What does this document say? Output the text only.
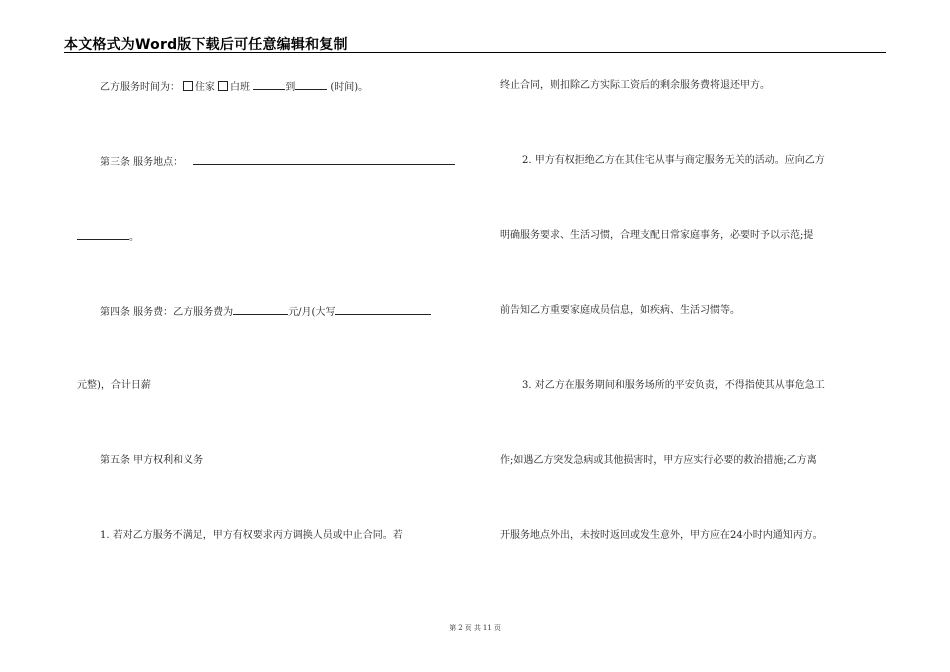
本文格式为Word版下载后可任意编辑和复制
乙方服务时间为： 住家 白班	到	(时间)。
第三条 服务地点：
。
第四条 服务费：乙方服务费为	元/月(大写
元整)，合计日薪
第五条 甲方权利和义务
1. 若对乙方服务不满足，甲方有权要求丙方调换人员或中止合同。若
终止合同，则扣除乙方实际工资后的剩余服务费将退还甲方。
2. 甲方有权拒绝乙方在其住宅从事与商定服务无关的活动。应向乙方
明确服务要求、生活习惯，合理支配日常家庭事务，必要时予以示范;提
前告知乙方重要家庭成员信息，如疾病、生活习惯等。
3. 对乙方在服务期间和服务场所的平安负责，不得指使其从事危急工
作;如遇乙方突发急病或其他损害时，甲方应实行必要的救治措施;乙方离
开服务地点外出，未按时返回或发生意外，甲方应在24小时内通知丙方。
第 2 页 共 11 页
